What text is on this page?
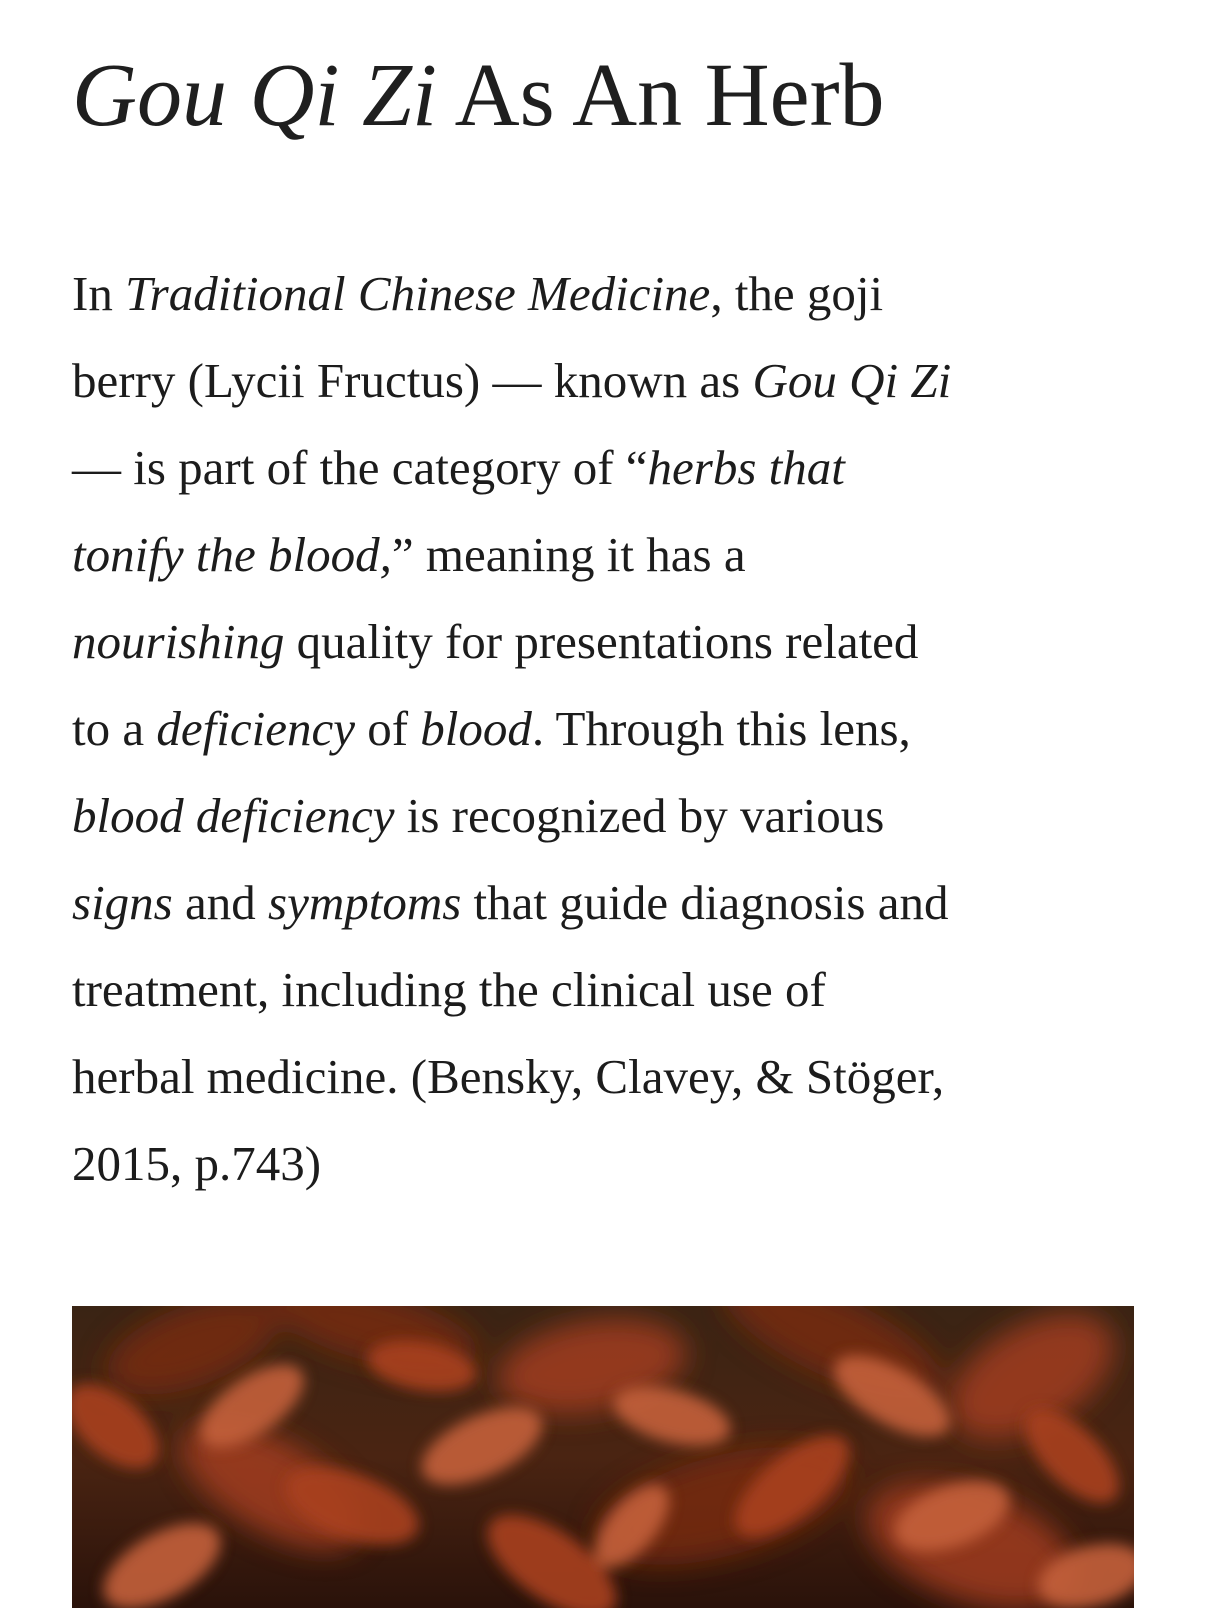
Gou Qi Zi As An Herb
In Traditional Chinese Medicine, the goji
berry (Lycii Fructus) — known as Gou Qi Zi
— is part of the category of “herbs that
tonify the blood,” meaning it has a
nourishing quality for presentations related
to a deficiency of blood. Through this lens,
blood deficiency is recognized by various
signs and symptoms that guide diagnosis and
treatment, including the clinical use of
herbal medicine. (Bensky, Clavey, & Stöger,
2015, p.743)
